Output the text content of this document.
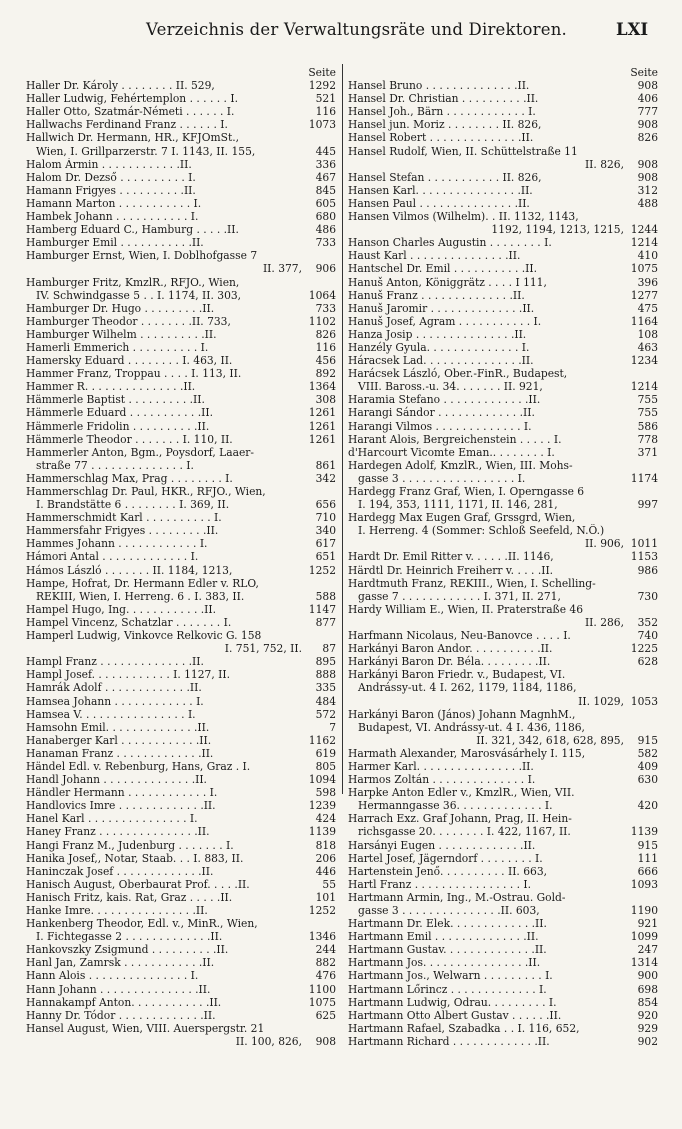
Verzeichnis der Verwaltungsräte und Direktoren.	LXI
Seite
Haller Dr. Károly . . . . . . . . II. 529,	1292
Haller Ludwig, Fehértemplon . . . . . . I.	521
Haller Otto, Szatmár-Németi . . . . . . I.	116
Hallwachs Ferdinand Franz . . . . . . I.	1073
Hallwich Dr. Hermann, HR., KFJOmSt.,
Wien, I. Grillparzerstr. 7 I. 1143, II. 155,	445
Halom Ármin . . . . . . . . . . . .II.	336
Halom Dr. Dezső . . . . . . . . . . I.	467
Hamann Frigyes . . . . . . . . . .II.	845
Hamann Marton . . . . . . . . . . . I.	605
Hambek Johann . . . . . . . . . . . I.	680
Hamberg Eduard C., Hamburg . . . . .II.	486
Hamburger Emil . . . . . . . . . . .II.	733
Hamburger Ernst, Wien, I. Doblhofgasse 7
II. 377,	906
Hamburger Fritz, KmzlR., RFJO., Wien,
IV. Schwindgasse 5 . . I. 1174, II. 303,	1064
Hamburger Dr. Hugo . . . . . . . . .II.	733
Hamburger Theodor . . . . . . . .II. 733,	1102
Hamburger Wilhelm . . . . . . . . . .II.	826
Hamerli Emmerich . . . . . . . . . . I.	116
Hamersky Eduard . . . . . . . . I. 463, II.	456
Hammer Franz, Troppau . . . . I. 113, II.	892
Hammer R. . . . . . . . . . . . . . .II.	1364
Hämmerle Baptist . . . . . . . . . .II.	308
Hämmerle Eduard . . . . . . . . . . .II.	1261
Hämmerle Fridolin . . . . . . . . . .II.	1261
Hämmerle Theodor . . . . . . . I. 110, II.	1261
Hammerler Anton, Bgm., Poysdorf, Laaer-
straße 77 . . . . . . . . . . . . . . I.	861
Hammerschlag Max, Prag . . . . . . . . I.	342
Hammerschlag Dr. Paul, HKR., RFJO., Wien,
I. Brandstätte 6 . . . . . . . . I. 369, II.	656
Hammerschmidt Karl . . . . . . . . . . I.	710
Hammersfahr Frigyes . . . . . . . . .II.	340
Hammes Johann . . . . . . . . . . . . I.	617
Hámori Antal . . . . . . . . . . . . . I.	651
Hámos László . . . . . . . II. 1184, 1213,	1252
Hampe, Hofrat, Dr. Hermann Edler v. RLO,
REKIII, Wien, I. Herreng. 6 . I. 383, II.	588
Hampel Hugo, Ing. . . . . . . . . . . .II.	1147
Hampel Vincenz, Schatzlar . . . . . . . I.	877
Hamperl Ludwig, Vinkovce Relkovic G. 158
I. 751, 752, II.	87
Hampl Franz . . . . . . . . . . . . . .II.	895
Hampl Josef. . . . . . . . . . . . I. 1127, II.	888
Hamrák Adolf . . . . . . . . . . . . .II.	335
Hamsea Johann . . . . . . . . . . . . I.	484
Hamsea V. . . . . . . . . . . . . . . . I.	572
Hamsohn Emil. . . . . . . . . . . . . .II.	7
Hanaberger Karl . . . . . . . . . . . .II.	1162
Hanaman Franz . . . . . . . . . . . . .II.	619
Händel Edl. v. Rebenburg, Hans, Graz . I.	805
Handl Johann . . . . . . . . . . . . . .II.	1094
Händler Hermann . . . . . . . . . . . . I.	598
Handlovics Imre . . . . . . . . . . . . .II.	1239
Hanel Karl . . . . . . . . . . . . . . . I.	424
Haney Franz . . . . . . . . . . . . . . .II.	1139
Hangi Franz M., Judenburg . . . . . . . I.	818
Hanika Josef,, Notar, Staab. . . I. 883, II.	206
Haninczak Josef . . . . . . . . . . . . .II.	446
Hanisch August, Oberbaurat Prof. . . . .II.	55
Hanisch Fritz, kais. Rat, Graz . . . . .II.	101
Hanke Imre. . . . . . . . . . . . . . . .II.	1252
Hankenberg Theodor, Edl. v., MinR., Wien,
I. Fichtegasse 2 . . . . . . . . . . . . .II.	1346
Hankovszky Zsigmund . . . . . . . . . .II.	244
Hanl Jan, Zamrsk . . . . . . . . . . . .II.	882
Hann Alois . . . . . . . . . . . . . . . I.	476
Hann Johann . . . . . . . . . . . . . . .II.	1100
Hannakampf Anton. . . . . . . . . . . .II.	1075
Hanny Dr. Tódor . . . . . . . . . . . . .II.	625
Hansel August, Wien, VIII. Auerspergstr. 21
II. 100, 826,	908
Seite
Hansel Bruno . . . . . . . . . . . . . .II.	908
Hansel Dr. Christian . . . . . . . . . .II.	406
Hansel Joh., Bärn . . . . . . . . . . . . I.	777
Hansel jun. Moriz . . . . . . . . II. 826,	908
Hansel Robert . . . . . . . . . . . . . .II.	826
Hansel Rudolf, Wien, II. Schüttelstraße 11
II. 826,	908
Hansel Stefan . . . . . . . . . . . II. 826,	908
Hansen Karl. . . . . . . . . . . . . . . .II.	312
Hansen Paul . . . . . . . . . . . . . . .II.	488
Hansen Vilmos (Wilhelm). . II. 1132, 1143,
1192, 1194, 1213, 1215, 1244
Hanson Charles Augustin . . . . . . . . I.	1214
Haust Karl . . . . . . . . . . . . . . .II.	410
Hantschel Dr. Emil . . . . . . . . . . .II.	1075
Hanuš Anton, Königgrätz . . . . I 111,	396
Hanuš Franz . . . . . . . . . . . . . .II.	1277
Hanuš Jaromir . . . . . . . . . . . . . .II.	475
Hanuš Josef, Agram . . . . . . . . . . . I.	1164
Hanza Josip . . . . . . . . . . . . . . .II.	108
Hanzély Gyula. . . . . . . . . . . . . . I.	463
Háracsek Lad. . . . . . . . . . . . . . .II.	1234
Harácsek László, Ober.-FinR., Budapest,
VIII. Baross.-u. 34. . . . . . . II. 921,	1214
Haramia Stefano . . . . . . . . . . . . .II.	755
Harangi Sándor . . . . . . . . . . . . .II.	755
Harangi Vilmos . . . . . . . . . . . . . I.	586
Harant Alois, Bergreichenstein . . . . . I.	778
d'Harcourt Vicomte Eman.. . . . . . . . I.	371
Hardegen Adolf, KmzlR., Wien, III. Mohs-
gasse 3 . . . . . . . . . . . . . . . . . I.	1174
Hardegg Franz Graf, Wien, I. Operngasse 6
I. 194, 353, 1111, 1171, II. 146, 281,	997
Hardegg Max Eugen Graf, Grssgrd, Wien,
I. Herreng. 4 (Sommer: Schloß Seefeld, N.Ö.)
II. 906, 1011
Hardt Dr. Emil Ritter v. . . . . .II. 1146,	1153
Härdtl Dr. Heinrich Freiherr v. . . . .II.	986
Hardtmuth Franz, REKIII., Wien, I. Schelling-
gasse 7 . . . . . . . . . . . . I. 371, II. 271,	730
Hardy William E., Wien, II. Praterstraße 46
II. 286,	352
Harfmann Nicolaus, Neu-Banovce . . . . I.	740
Harkányi Baron Andor. . . . . . . . . . .II.	1225
Harkányi Baron Dr. Béla. . . . . . . . .II.	628
Harkányi Baron Friedr. v., Budapest, VI.
Andrássy-ut. 4 I. 262, 1179, 1184, 1186,
II. 1029, 1053
Harkányi Baron (János) Johann MagnhM.,
Budapest, VI. Andrássy-ut. 4 I. 436, 1186,
II. 321, 342, 618, 628, 895,	915
Harmath Alexander, Marosvásárhely I. 115,	582
Harmer Karl. . . . . . . . . . . . . . . .II.	409
Harmos Zoltán . . . . . . . . . . . . . . I.	630
Harpke Anton Edler v., KmzlR., Wien, VII.
Hermanngasse 36. . . . . . . . . . . . . I.	420
Harrach Exz. Graf Johann, Prag, II. Hein-
richsgasse 20. . . . . . . . I. 422, 1167, II.	1139
Harsányi Eugen . . . . . . . . . . . . .II.	915
Hartel Josef, Jägerndorf . . . . . . . . I.	111
Hartenstein Jenő. . . . . . . . . . II. 663,	666
Hartl Franz . . . . . . . . . . . . . . . . I.	1093
Hartmann Armin, Ing., M.-Ostrau. Gold-
gasse 3 . . . . . . . . . . . . . . .II. 603,	1190
Hartmann Dr. Elek. . . . . . . . . . . . .II.	921
Hartmann Emil . . . . . . . . . . . . . .II.	1099
Hartmann Gustav. . . . . . . . . . . . . .II.	247
Hartmann Jos. . . . . . . . . . . . . . . .II.	1314
Hartmann Jos., Welwarn . . . . . . . . . I.	900
Hartmann Lőrincz . . . . . . . . . . . . . I.	698
Hartmann Ludwig, Odrau. . . . . . . . . I.	854
Hartmann Otto Albert Gustav . . . . . .II.	920
Hartmann Rafael, Szabadka . . I. 116, 652,	929
Hartmann Richard . . . . . . . . . . . . .II.	902
